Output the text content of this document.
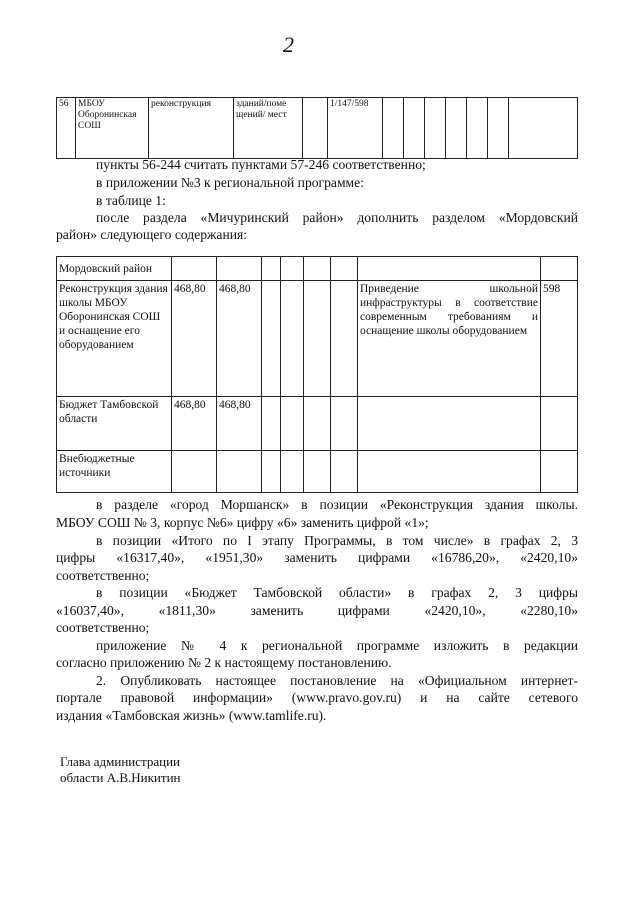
2
56	МБОУ Оборонинская СОШ	реконструкция	зданий/поме щений/ мест		1/147/598							
пункты 56-244 считать пунктами 57-246 соответственно;
в приложении №3 к региональной программе:
в таблице 1:
после раздела «Мичуринский район» дополнить разделом «Мордовский
район» следующего содержания:
Мордовский район								
Реконструкция здания школы МБОУ Оборонинская СОШ и оснащение его оборудованием	468,80	468,80					Приведение школьной инфраструктуры в соответствие современным требованиям и оснащение школы оборудованием	598
Бюджет Тамбовской области	468,80	468,80						
Внебюджетные источники								
в разделе «город Моршанск» в позиции «Реконструкция здания школы.
МБОУ СОШ № 3, корпус №6» цифру «6» заменить цифрой «1»;
в позиции «Итого по I этапу Программы, в том числе» в графах 2, 3
цифры «16317,40», «1951,30» заменить цифрами «16786,20», «2420,10»
соответственно;
в позиции «Бюджет Тамбовской области» в графах 2, 3 цифры
«16037,40», «1811,30» заменить цифрами «2420,10», «2280,10»
соответственно;
приложение № 4 к региональной программе изложить в редакции
согласно приложению № 2 к настоящему постановлению.
2. Опубликовать настоящее постановление на «Официальном интернет-
портале правовой информации» (www.pravo.gov.ru) и на сайте сетевого
издания «Тамбовская жизнь» (www.tamlife.ru).
Глава администрации
области А.В.Никитин
